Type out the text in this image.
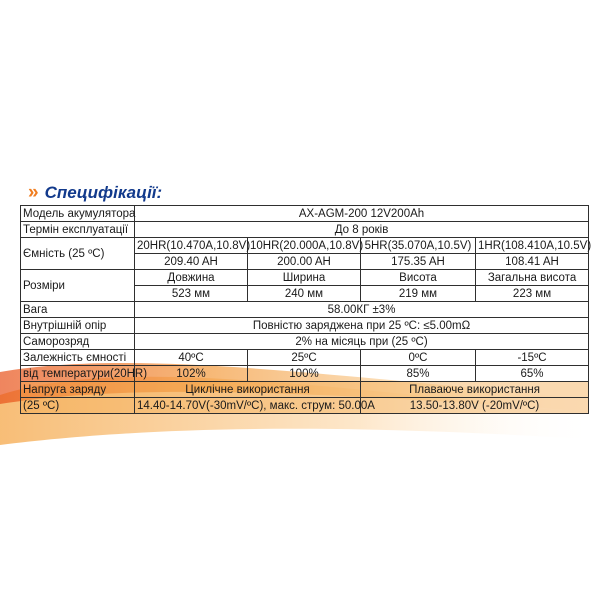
» Специфікації:
Модель акумулятора	AX-AGM-200 12V200Ah			
Термін експлуатації	До 8 років			
Ємність (25 ºC)	20HR(10.470A,10.8V)	10HR(20.000A,10.8V)	5HR(35.070A,10.5V)	1HR(108.410A,10.5V)
	209.40 AH	200.00 AH	175.35 AH	108.41 AH
Розміри	Довжина	Ширина	Висота	Загальна висота
	523 мм	240 мм	219 мм	223 мм
Вага	58.00КГ ±3%			
Внутрішній опір	Повністю заряджена при 25 ºC: ≤5.00mΩ			
Саморозряд	2% на місяць при (25 ºC)			
Залежність ємності	40ºC	25ºC	0ºC	-15ºC
від температури(20HR)	102%	100%	85%	65%
Напруга заряду	Циклічне використання		Плаваюче використання	
(25 ºC)	14.40-14.70V(-30mV/ºC), макс. струм: 50.00A		13.50-13.80V (-20mV/ºC)	
